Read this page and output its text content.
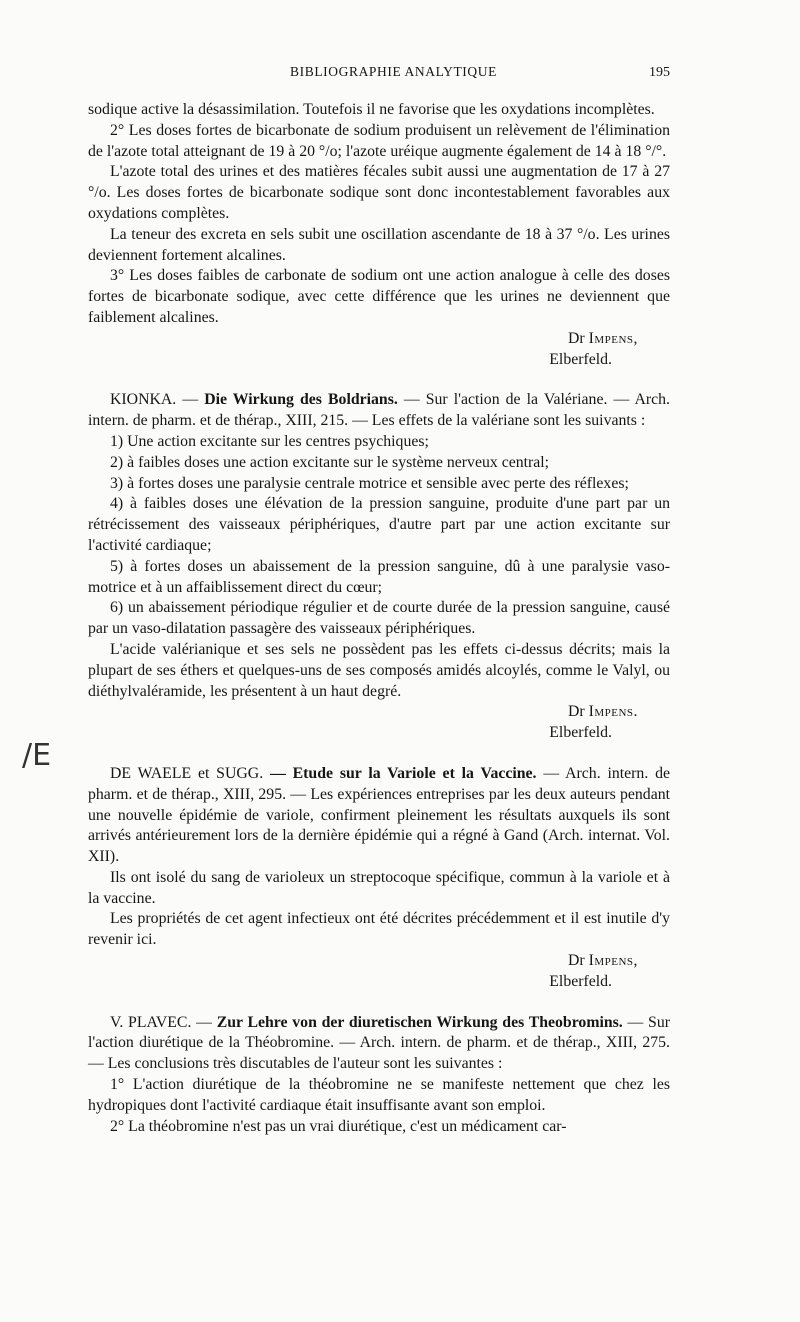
/E
BIBLIOGRAPHIE ANALYTIQUE	195

sodique active la désassimilation. Toutefois il ne favorise que les oxydations incomplètes.

2° Les doses fortes de bicarbonate de sodium produisent un relèvement de l'élimination de l'azote total atteignant de 19 à 20 °/o; l'azote uréique augmente également de 14 à 18 °/°.

L'azote total des urines et des matières fécales subit aussi une augmentation de 17 à 27 °/o. Les doses fortes de bicarbonate sodique sont donc incontestablement favorables aux oxydations complètes.

La teneur des excreta en sels subit une oscillation ascendante de 18 à 37 °/o. Les urines deviennent fortement alcalines.

3° Les doses faibles de carbonate de sodium ont une action analogue à celle des doses fortes de bicarbonate sodique, avec cette différence que les urines ne deviennent que faiblement alcalines.

Dr Impens,
Elberfeld.

KIONKA. — Die Wirkung des Boldrians. — Sur l'action de la Valériane. — Arch. intern. de pharm. et de thérap., XIII, 215. — Les effets de la valériane sont les suivants :

1) Une action excitante sur les centres psychiques;

2) à faibles doses une action excitante sur le système nerveux central;

3) à fortes doses une paralysie centrale motrice et sensible avec perte des réflexes;

4) à faibles doses une élévation de la pression sanguine, produite d'une part par un rétrécissement des vaisseaux périphériques, d'autre part par une action excitante sur l'activité cardiaque;

5) à fortes doses un abaissement de la pression sanguine, dû à une paralysie vaso-motrice et à un affaiblissement direct du cœur;

6) un abaissement périodique régulier et de courte durée de la pression sanguine, causé par un vaso-dilatation passagère des vaisseaux périphériques.

L'acide valérianique et ses sels ne possèdent pas les effets ci-dessus décrits; mais la plupart de ses éthers et quelques-uns de ses composés amidés alcoylés, comme le Valyl, ou diéthylvaléramide, les présentent à un haut degré.

Dr Impens.
Elberfeld.

DE WAELE et SUGG. — Etude sur la Variole et la Vaccine. — Arch. intern. de pharm. et de thérap., XIII, 295. — Les expériences entreprises par les deux auteurs pendant une nouvelle épidémie de variole, confirment pleinement les résultats auxquels ils sont arrivés antérieurement lors de la dernière épidémie qui a régné à Gand (Arch. internat. Vol. XII).

Ils ont isolé du sang de varioleux un streptocoque spécifique, commun à la variole et à la vaccine.

Les propriétés de cet agent infectieux ont été décrites précédemment et il est inutile d'y revenir ici.

Dr Impens,
Elberfeld.

V. PLAVEC. — Zur Lehre von der diuretischen Wirkung des Theobromins. — Sur l'action diurétique de la Théobromine. — Arch. intern. de pharm. et de thérap., XIII, 275. — Les conclusions très discutables de l'auteur sont les suivantes :

1° L'action diurétique de la théobromine ne se manifeste nettement que chez les hydropiques dont l'activité cardiaque était insuffisante avant son emploi.

2° La théobromine n'est pas un vrai diurétique, c'est un médicament car-
